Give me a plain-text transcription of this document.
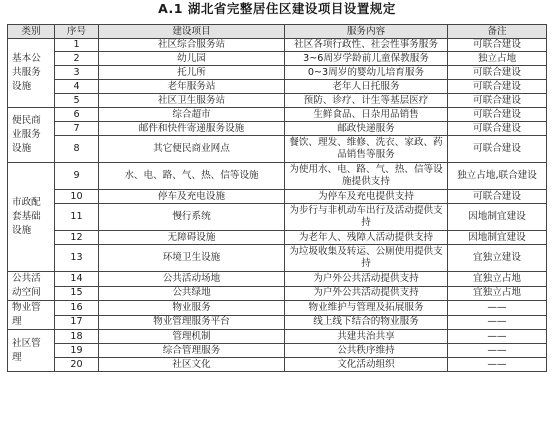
A.1 湖北省完整居住区建设项目设置规定
类别	序号	建设项目	服务内容	备注
基本公共服务设施	1	社区综合服务站	社区各项行政性、社会性事务服务	可联合建设
	2	幼儿园	3~6周岁学龄前儿童保教服务	独立占地
	3	托儿所	0~3周岁的婴幼儿培育服务	可联合建设
	4	老年服务站	老年人日托服务	可联合建设
	5	社区卫生服务站	预防、诊疗、计生等基层医疗	可联合建设
便民商业服务设施	6	综合超市	生鲜食品、日杂用品销售	可联合建设
	7	邮件和快件寄递服务设施	邮政快递服务	可联合建设
	8	其它便民商业网点	餐饮、理发、维修、洗衣、家政、药品销售等服务	可联合建设
市政配套基础设施	9	水、电、路、气、热、信等设施	为使用水、电、路、气、热、信等设施提供支持	独立占地,联合建设
	10	停车及充电设施	为停车及充电提供支持	可联合建设
	11	慢行系统	为步行与非机动车出行及活动提供支持	因地制宜建设
	12	无障碍设施	为老年人、残障人活动提供支持	因地制宜建设
	13	环境卫生设施	为垃圾收集及转运、公厕使用提供支持	宜独立建设
公共活动空间	14	公共活动场地	为户外公共活动提供支持	宜独立占地
	15	公共绿地	为户外公共活动提供支持	宜独立占地
物业管理	16	物业服务	物业维护与管理及拓展服务	——
	17	物业管理服务平台	线上线下结合的物业服务	——
社区管理	18	管理机制	共建共治共享	——
	19	综合管理服务	公共秩序维持	——
	20	社区文化	文化活动组织	——
